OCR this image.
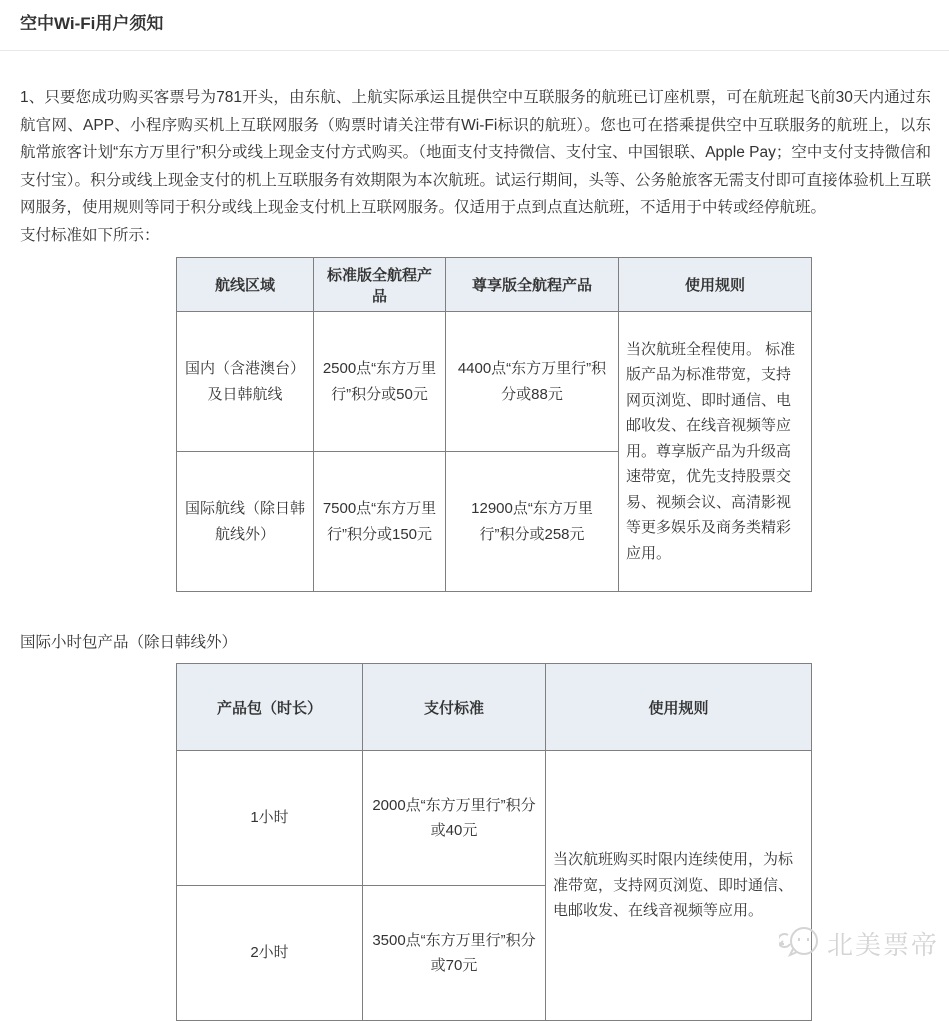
空中Wi-Fi用户须知

1、只要您成功购买客票号为781开头，由东航、上航实际承运且提供空中互联服务的航班已订座机票，可在航班起飞前30天内通过东航官网、APP、小程序购买机上互联网服务（购票时请关注带有Wi-Fi标识的航班）。您也可在搭乘提供空中互联服务的航班上，以东航常旅客计划“东方万里行”积分或线上现金支付方式购买。（地面支付支持微信、支付宝、中国银联、Apple Pay；空中支付支持微信和支付宝）。积分或线上现金支付的机上互联服务有效期限为本次航班。试运行期间，头等、公务舱旅客无需支付即可直接体验机上互联网服务，使用规则等同于积分或线上现金支付机上互联网服务。仅适用于点到点直达航班，不适用于中转或经停航班。

支付标准如下所示：

航线区域	标准版全航程产品	尊享版全航程产品	使用规则
国内（含港澳台）及日韩航线	2500点“东方万里行”积分或50元	4400点“东方万里行”积分或88元	当次航班全程使用。 标准版产品为标准带宽，支持网页浏览、即时通信、电邮收发、在线音视频等应用。尊享版产品为升级高速带宽，优先支持股票交易、视频会议、高清影视等更多娱乐及商务类精彩应用。
国际航线（除日韩航线外）	7500点“东方万里行”积分或150元	12900点“东方万里行”积分或258元	

国际小时包产品（除日韩线外）

产品包（时长）	支付标准	使用规则
1小时	2000点“东方万里行”积分或40元	当次航班购买时限内连续使用，为标准带宽，支持网页浏览、即时通信、电邮收发、在线音视频等应用。
2小时	3500点“东方万里行”积分或70元	
北美票帝
